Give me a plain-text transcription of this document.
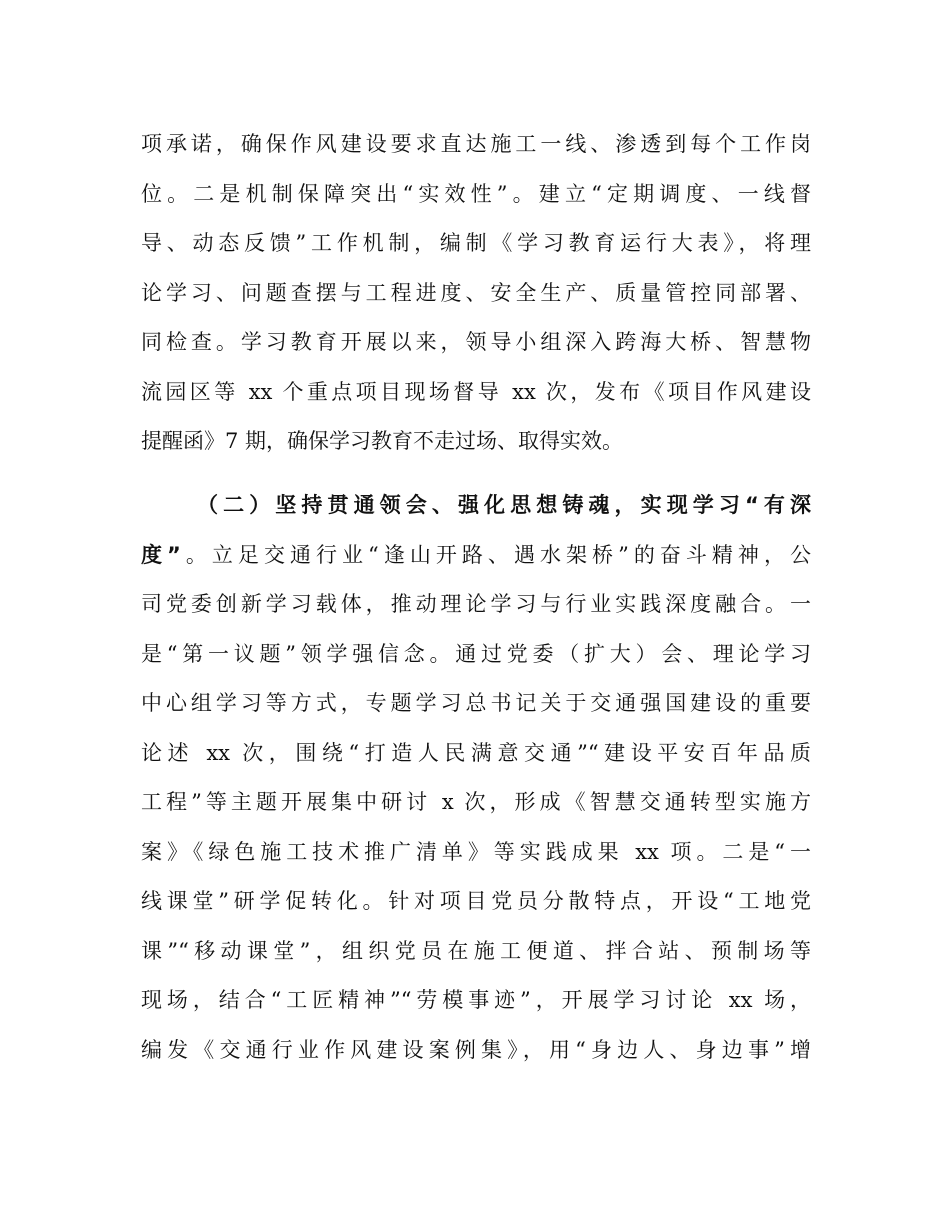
项承诺，确保作风建设要求直达施工一线、渗透到每个工作岗
位。二是机制保障突出“实效性”。建立“定期调度、一线督
导、动态反馈”工作机制，编制《学习教育运行大表》，将理
论学习、问题查摆与工程进度、安全生产、质量管控同部署、
同检查。学习教育开展以来，领导小组深入跨海大桥、智慧物
流园区等 xx 个重点项目现场督导 xx 次，发布《项目作风建设
提醒函》7 期，确保学习教育不走过场、取得实效。
（二）坚持贯通领会、强化思想铸魂，实现学习“有深
度”。立足交通行业“逢山开路、遇水架桥”的奋斗精神，公
司党委创新学习载体，推动理论学习与行业实践深度融合。一
是“第一议题”领学强信念。通过党委（扩大）会、理论学习
中心组学习等方式，专题学习总书记关于交通强国建设的重要
论述 xx 次，围绕“打造人民满意交通”“建设平安百年品质
工程”等主题开展集中研讨 x 次，形成《智慧交通转型实施方
案》《绿色施工技术推广清单》等实践成果 xx 项。二是“一
线课堂”研学促转化。针对项目党员分散特点，开设“工地党
课”“移动课堂”，组织党员在施工便道、拌合站、预制场等
现场，结合“工匠精神”“劳模事迹”，开展学习讨论 xx 场，
编发《交通行业作风建设案例集》，用“身边人、身边事”增
